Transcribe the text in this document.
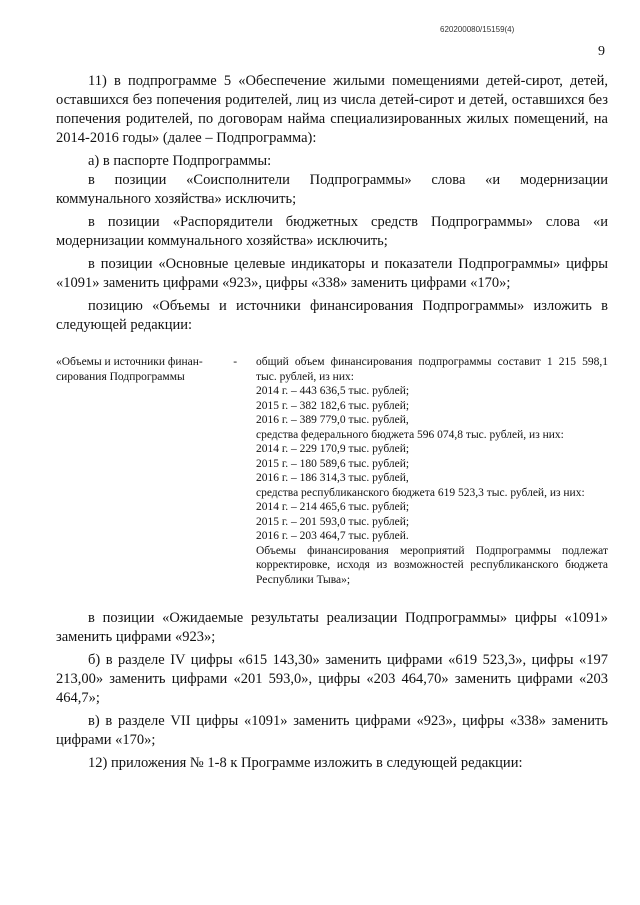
620200080/15159(4)
9

11) в подпрограмме 5 «Обеспечение жилыми помещениями детей-сирот, детей, оставшихся без попечения родителей, лиц из числа детей-сирот и детей, оставшихся без попечения родителей, по договорам найма специализированных жилых помещений, на 2014-2016 годы» (далее – Подпрограмма):

а) в паспорте Подпрограммы:

в позиции «Соисполнители Подпрограммы» слова «и модернизации коммунального хозяйства» исключить;

в позиции «Распорядители бюджетных средств Подпрограммы» слова «и модернизации коммунального хозяйства» исключить;

в позиции «Основные целевые индикаторы и показатели Подпрограммы» цифры «1091» заменить цифрами «923», цифры «338» заменить цифрами «170»;

позицию «Объемы и источники финансирования Подпрограммы» изложить в следующей редакции:

«Объемы и источники финан-сирования Подпрограммы
-	общий объем финансирования подпрограммы составит 1 215 598,1 тыс. рублей, из них:
2014 г. – 443 636,5 тыс. рублей;
2015 г. – 382 182,6 тыс. рублей;
2016 г. – 389 779,0 тыс. рублей,
средства федерального бюджета 596 074,8 тыс. рублей, из них:
2014 г. – 229 170,9 тыс. рублей;
2015 г. – 180 589,6 тыс. рублей;
2016 г. – 186 314,3 тыс. рублей,
средства республиканского бюджета 619 523,3 тыс. рублей, из них:
2014 г. – 214 465,6 тыс. рублей;
2015 г. – 201 593,0 тыс. рублей;
2016 г. – 203 464,7 тыс. рублей.
Объемы финансирования мероприятий Подпрограммы подлежат корректировке, исходя из возможностей республиканского бюджета Республики Тыва»;

в позиции «Ожидаемые результаты реализации Подпрограммы» цифры «1091» заменить цифрами «923»;

б) в разделе IV цифры «615 143,30» заменить цифрами «619 523,3», цифры «197 213,00» заменить цифрами «201 593,0», цифры «203 464,70» заменить цифрами «203 464,7»;

в) в разделе VII цифры «1091» заменить цифрами «923», цифры «338» заменить цифрами «170»;

12) приложения № 1-8 к Программе изложить в следующей редакции:
